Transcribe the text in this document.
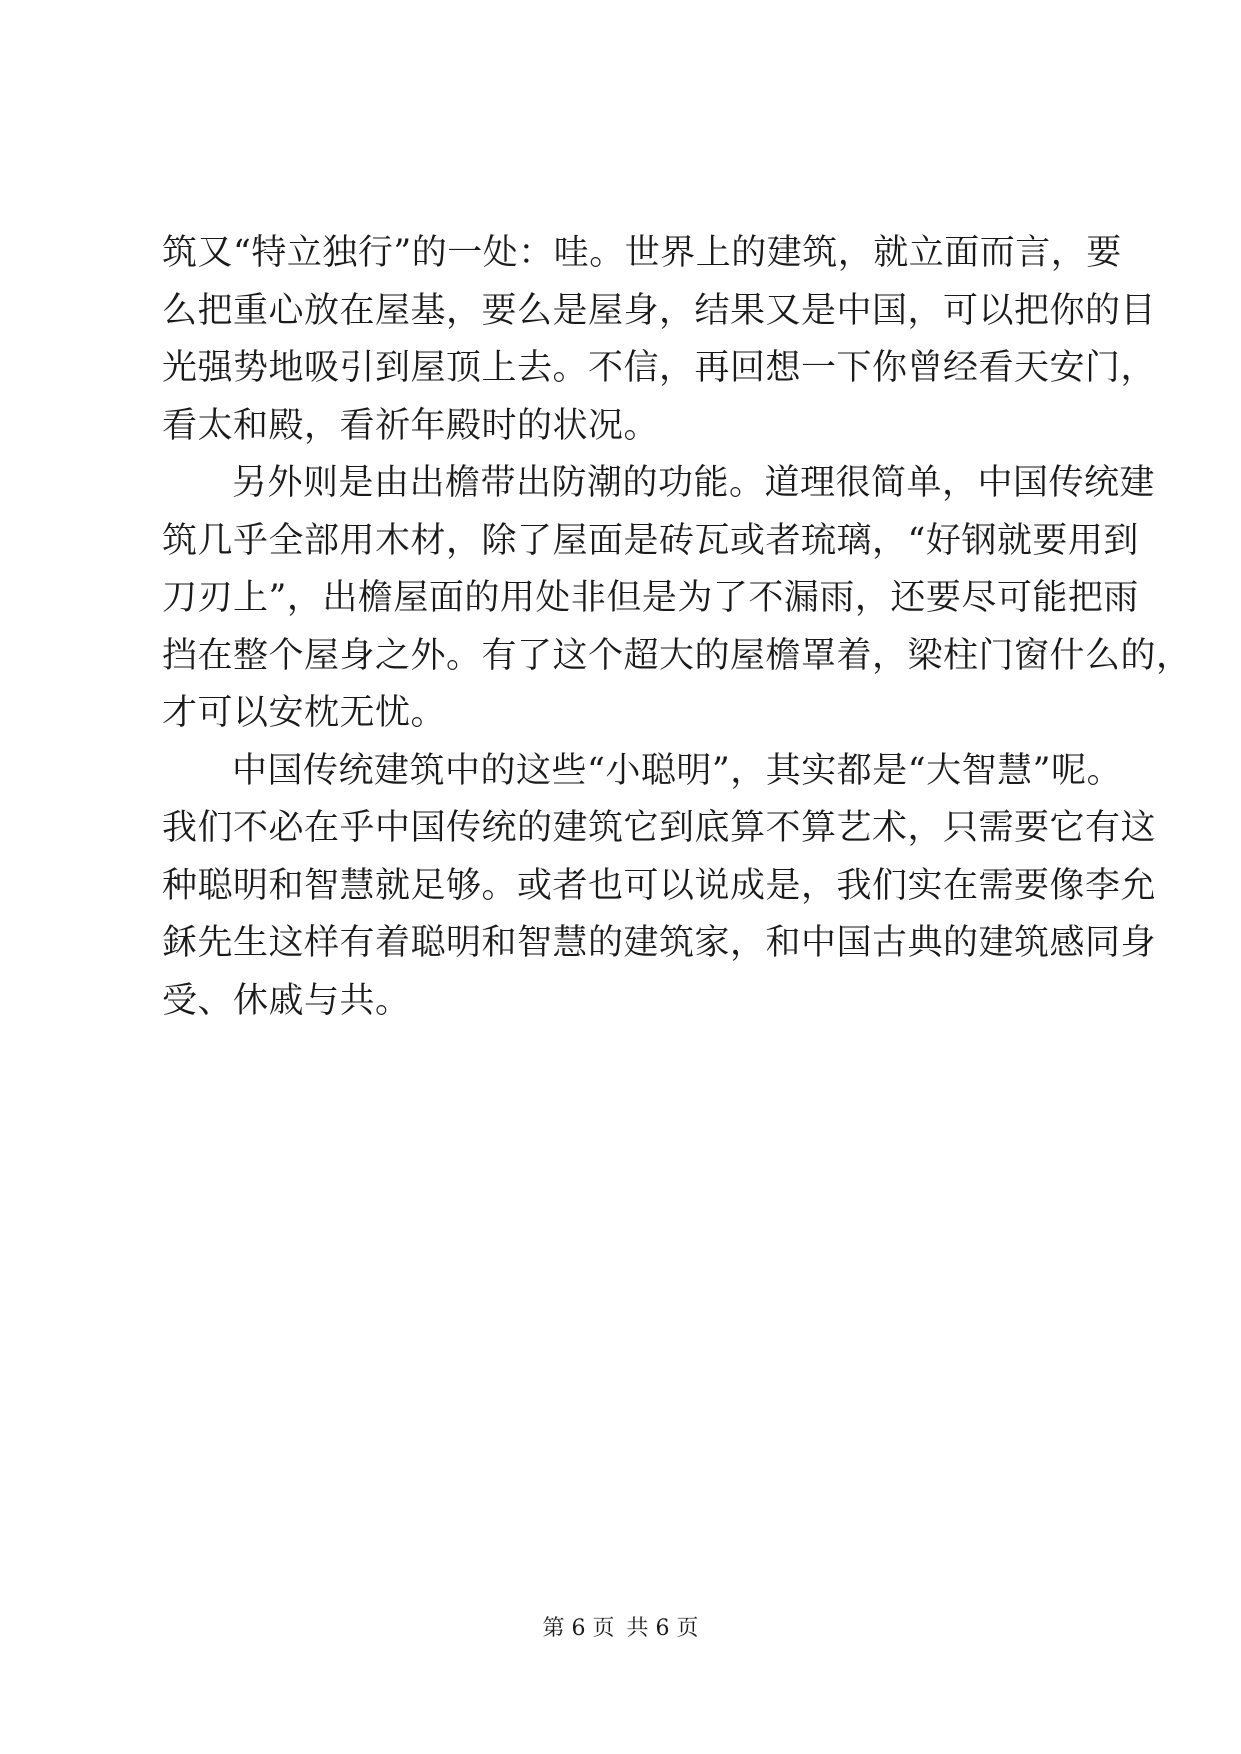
筑又“特立独行”的一处：哇。世界上的建筑，就立面而言，要
么把重心放在屋基，要么是屋身，结果又是中国，可以把你的目
光强势地吸引到屋顶上去。不信，再回想一下你曾经看天安门，
看太和殿，看祈年殿时的状况。
另外则是由出檐带出防潮的功能。道理很简单，中国传统建
筑几乎全部用木材，除了屋面是砖瓦或者琉璃，“好钢就要用到
刀刃上”，出檐屋面的用处非但是为了不漏雨，还要尽可能把雨
挡在整个屋身之外。有了这个超大的屋檐罩着，梁柱门窗什么的，
才可以安枕无忧。
中国传统建筑中的这些“小聪明”，其实都是“大智慧”呢。
我们不必在乎中国传统的建筑它到底算不算艺术，只需要它有这
种聪明和智慧就足够。或者也可以说成是，我们实在需要像李允
鉌先生这样有着聪明和智慧的建筑家，和中国古典的建筑感同身
受、休戚与共。
第 6 页 共 6 页
